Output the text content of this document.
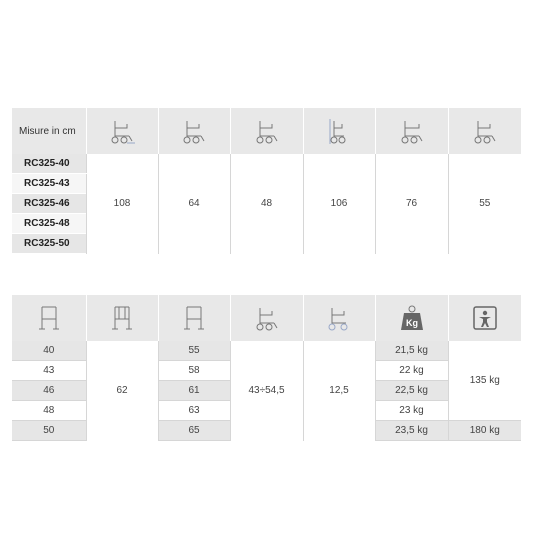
Misure in cm	

RC325-40	108	64	48	106	76	55
RC325-43						
RC325-46						
RC325-48						
RC325-50						

Kg

40	62	55	43÷54,5	12,5	21,5 kg	135 kg
43		58			22 kg	
46		61			22,5 kg	
48		63			23 kg	
50		65			23,5 kg	180 kg
